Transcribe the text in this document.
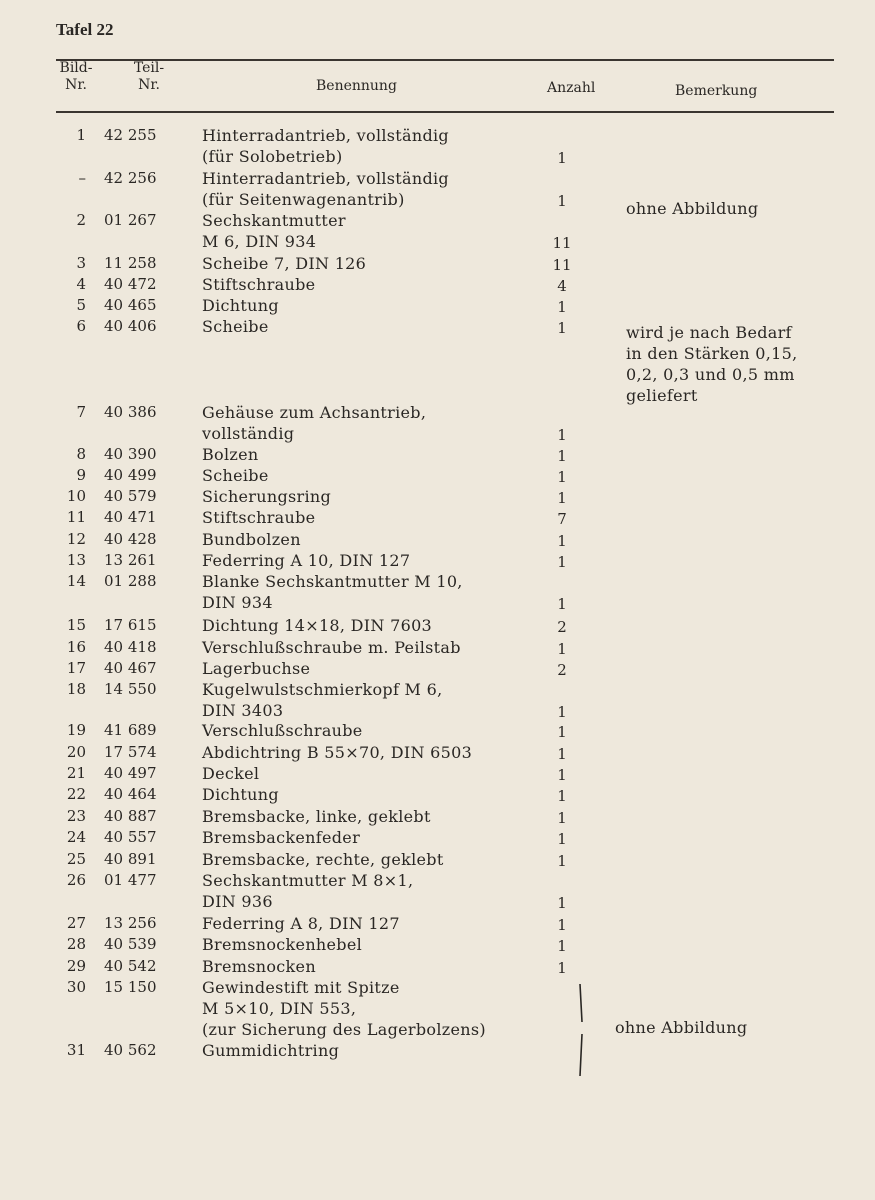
Tafel 22
Bild-
Nr.
Teil-
Nr.	Benennung	Anzahl	Bemerkung
1 42 255	Hinterradantrieb, vollständig
(für Solobetrieb)	1
– 42 256	Hinterradantrieb, vollständig
(für Seitenwagenantrib)	1	ohne Abbildung
2 01 267	Sechskantmutter
M 6, DIN 934	11
3 11 258	Scheibe 7, DIN 126	11
4 40 472	Stiftschraube	4
5 40 465	Dichtung	1
6 40 406	Scheibe	1	wird je nach Bedarf
in den Stärken 0,15,
0,2, 0,3 und 0,5 mm
geliefert
7 40 386	Gehäuse zum Achsantrieb,
vollständig	1
8 40 390	Bolzen	1
9 40 499	Scheibe	1
10 40 579	Sicherungsring	1
11 40 471	Stiftschraube	7
12 40 428	Bundbolzen	1
13 13 261	Federring A 10, DIN 127	1
14 01 288	Blanke Sechskantmutter M 10,
DIN 934	1
15 17 615	Dichtung 14×18, DIN 7603	2
16 40 418	Verschlußschraube m. Peilstab	1
17 40 467	Lagerbuchse	2
18 14 550	Kugelwulstschmierkopf M 6,
DIN 3403	1
19 41 689	Verschlußschraube	1
20 17 574	Abdichtring B 55×70, DIN 6503	1
21 40 497	Deckel	1
22 40 464	Dichtung	1
23 40 887	Bremsbacke, linke, geklebt	1
24 40 557	Bremsbackenfeder	1
25 40 891	Bremsbacke, rechte, geklebt	1
26 01 477	Sechskantmutter M 8×1,
DIN 936	1
27 13 256	Federring A 8, DIN 127	1
28 40 539	Bremsnockenhebel	1
29 40 542	Bremsnocken	1
30 15 150	Gewindestift mit Spitze
M 5×10, DIN 553,
(zur Sicherung des Lagerbolzens)
31 40 562	Gummidichtring
ohne Abbildung
